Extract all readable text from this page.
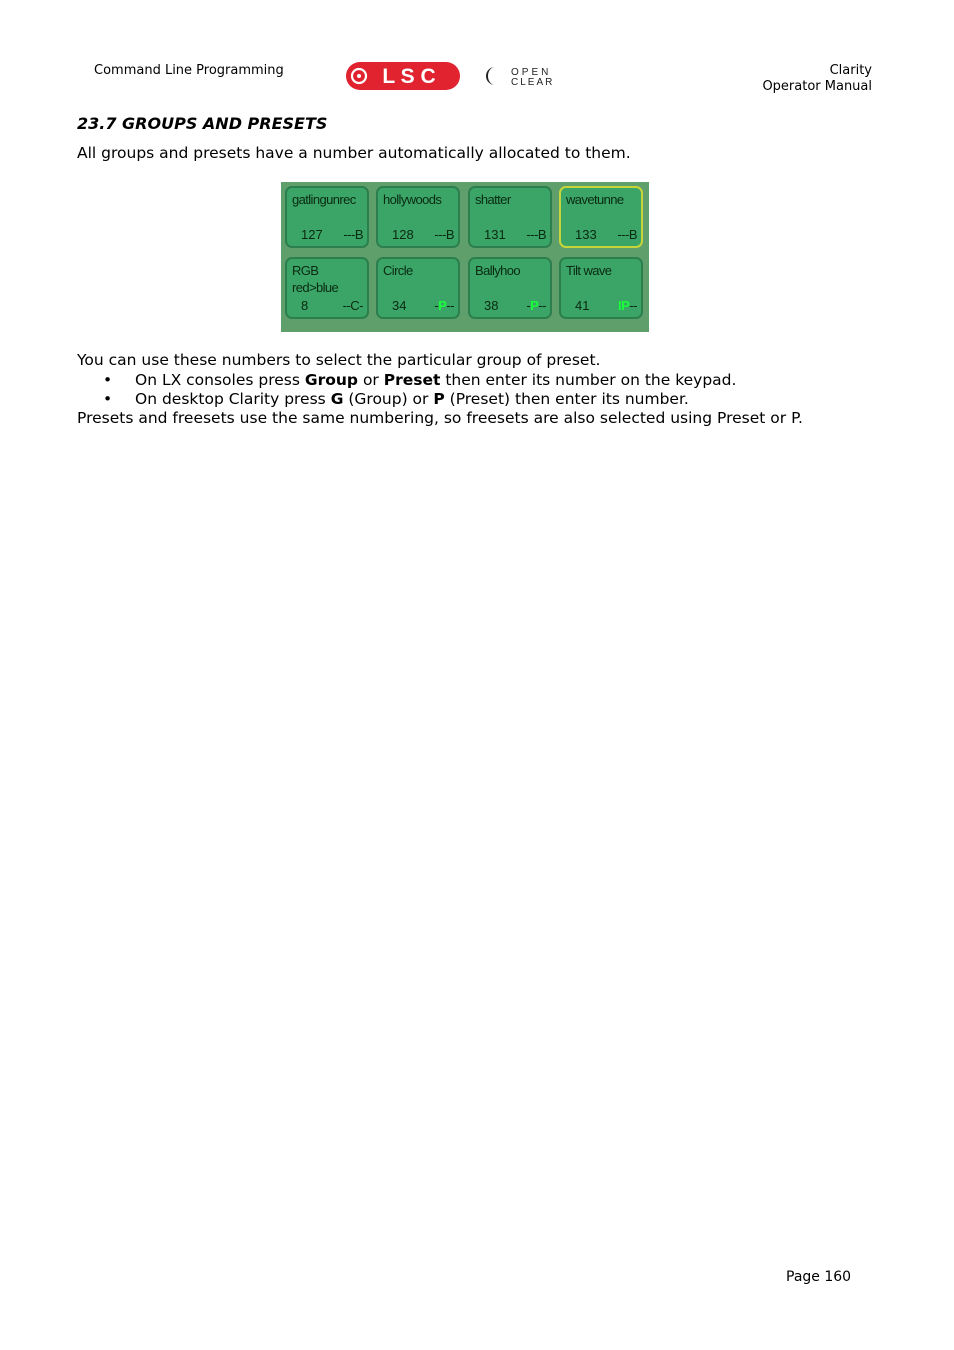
Command Line Programming	L S C	OPEN
CLEAR
Clarity
Operator Manual
23.7 GROUPS AND PRESETS
All groups and presets have a number automatically allocated to them.
gatlingunrec
127 ---B
hollywoods
128 ---B
shatter
131 ---B
wavetunne
133 ---B
RGB
red>blue
8	--C-
Circle
34 -P--
Ballyhoo
38 -P--
Tilt wave
41 IP--
You can use these numbers to select the particular group of preset.
• On LX consoles press Group or Preset then enter its number on the keypad.
• On desktop Clarity press G (Group) or P (Preset) then enter its number.
Presets and freesets use the same numbering, so freesets are also selected using Preset or P.
Page 160
